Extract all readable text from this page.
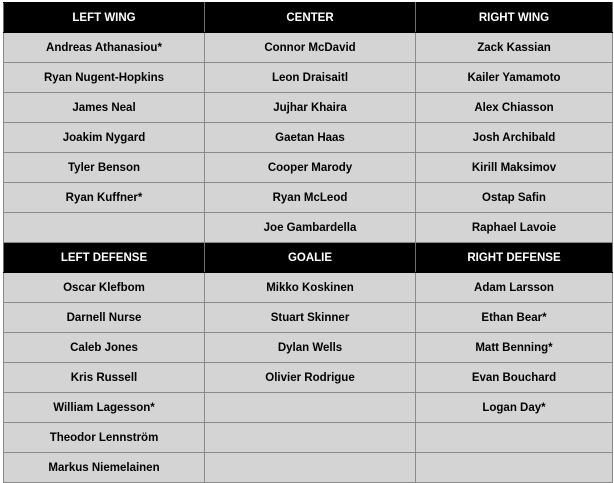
LEFT WING	CENTER	RIGHT WING
Andreas Athanasiou*	Connor McDavid	Zack Kassian
Ryan Nugent-Hopkins	Leon Draisaitl	Kailer Yamamoto
James Neal	Jujhar Khaira	Alex Chiasson
Joakim Nygard	Gaetan Haas	Josh Archibald
Tyler Benson	Cooper Marody	Kirill Maksimov
Ryan Kuffner*	Ryan McLeod	Ostap Safin
	Joe Gambardella	Raphael Lavoie
LEFT DEFENSE	GOALIE	RIGHT DEFENSE
Oscar Klefbom	Mikko Koskinen	Adam Larsson
Darnell Nurse	Stuart Skinner	Ethan Bear*
Caleb Jones	Dylan Wells	Matt Benning*
Kris Russell	Olivier Rodrigue	Evan Bouchard
William Lagesson*		Logan Day*
Theodor Lennström		
Markus Niemelainen		
